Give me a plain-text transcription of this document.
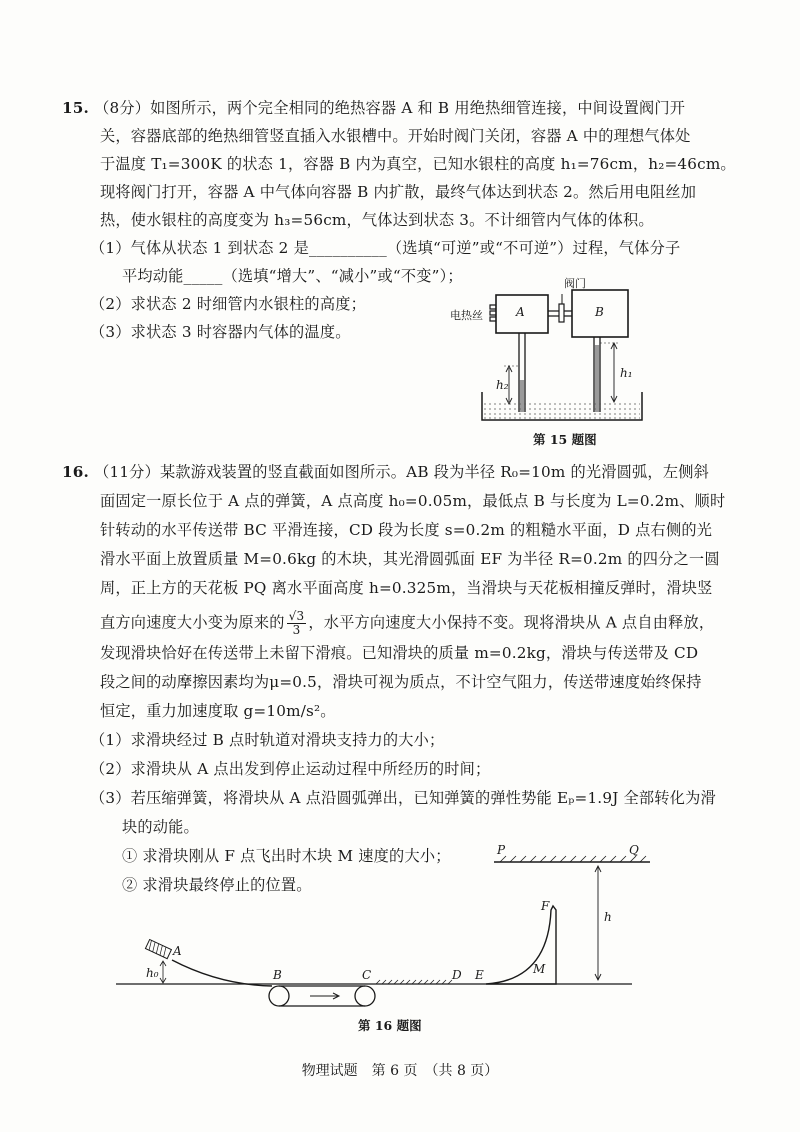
15. （8分）如图所示，两个完全相同的绝热容器 A 和 B 用绝热细管连接，中间设置阀门开
关，容器底部的绝热细管竖直插入水银槽中。开始时阀门关闭，容器 A 中的理想气体处
于温度 T₁=300K 的状态 1，容器 B 内为真空，已知水银柱的高度 h₁=76cm，h₂=46cm。
现将阀门打开，容器 A 中气体向容器 B 内扩散，最终气体达到状态 2。然后用电阻丝加
热，使水银柱的高度变为 h₃=56cm，气体达到状态 3。不计细管内气体的体积。
（1）气体从状态 1 到状态 2 是__________（选填“可逆”或“不可逆”）过程，气体分子
平均动能_____（选填“增大”、“减小”或“不变”）；
（2）求状态 2 时细管内水银柱的高度；
（3）求状态 3 时容器内气体的温度。
阀门
电热丝	A	B
h₁
h₂
第 15 题图
16. （11分）某款游戏装置的竖直截面如图所示。AB 段为半径 R₀=10m 的光滑圆弧，左侧斜
面固定一原长位于 A 点的弹簧，A 点高度 h₀=0.05m，最低点 B 与长度为 L=0.2m、顺时
针转动的水平传送带 BC 平滑连接，CD 段为长度 s=0.2m 的粗糙水平面，D 点右侧的光
滑水平面上放置质量 M=0.6kg 的木块，其光滑圆弧面 EF 为半径 R=0.2m 的四分之一圆
周，正上方的天花板 PQ 离水平面高度 h=0.325m，当滑块与天花板相撞反弹时，滑块竖
直方向速度大小变为原来的 $\frac{√3}{3}$ ，水平方向速度大小保持不变。现将滑块从 A 点自由释放，
发现滑块恰好在传送带上未留下滑痕。已知滑块的质量 m=0.2kg，滑块与传送带及 CD
段之间的动摩擦因素均为μ=0.5，滑块可视为质点，不计空气阻力，传送带速度始终保持
恒定，重力加速度取 g=10m/s²。
（1）求滑块经过 B 点时轨道对滑块支持力的大小；
（2）求滑块从 A 点出发到停止运动过程中所经历的时间；
（3）若压缩弹簧，将滑块从 A 点沿圆弧弹出，已知弹簧的弹性势能 Eₚ=1.9J 全部转化为滑
块的动能。
① 求滑块刚从 F 点飞出时木块 M 速度的大小；
② 求滑块最终停止的位置。
P	Q
F
h
A
h₀	B	C	D E	M
第 16 题图
物理试题　第 6 页　（共 8 页）
